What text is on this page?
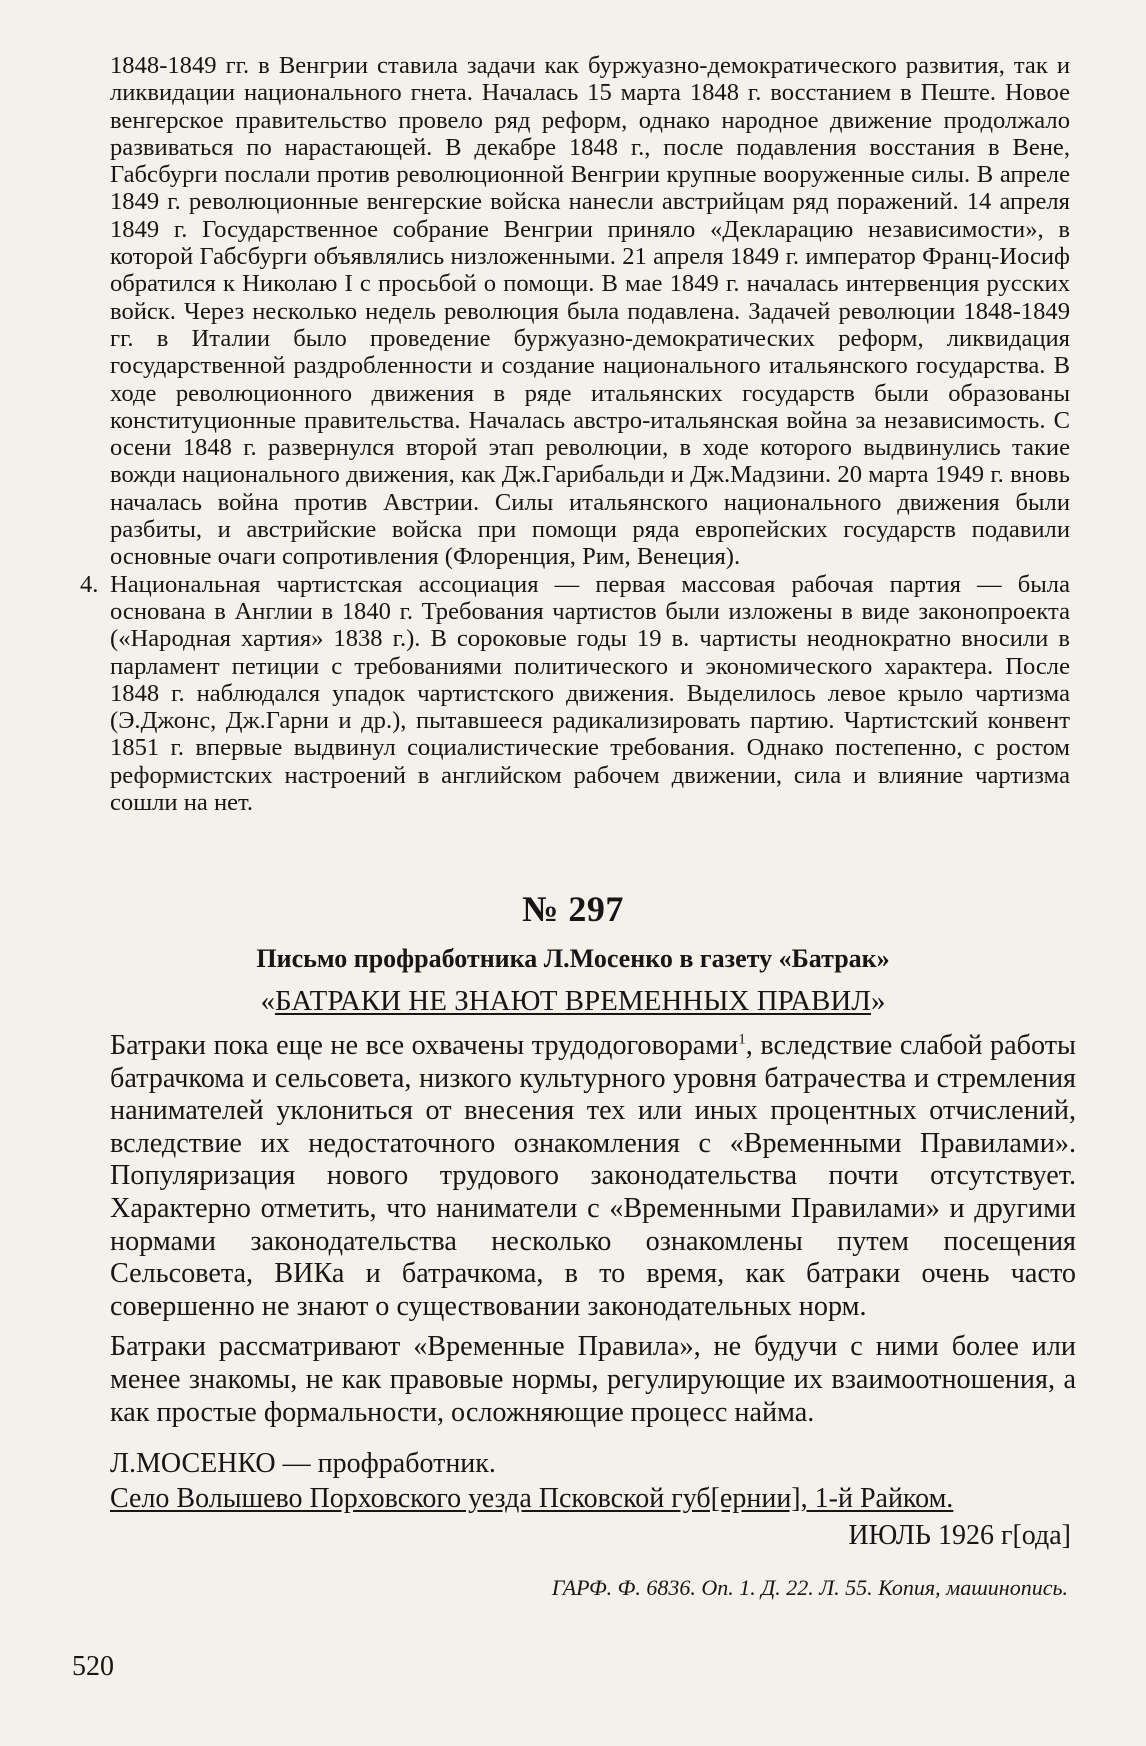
1848-1849 гг. в Венгрии ставила задачи как буржуазно-демократического развития, так и ликвидации национального гнета. Началась 15 марта 1848 г. восстанием в Пеште. Новое венгерское правительство провело ряд реформ, однако народное движение продолжало развиваться по нарастающей. В декабре 1848 г., после подавления восстания в Вене, Габсбурги послали против революционной Венгрии крупные вооруженные силы. В апреле 1849 г. революционные венгерские войска нанесли австрийцам ряд поражений. 14 апреля 1849 г. Государственное собрание Венгрии приняло «Декларацию независимости», в которой Габсбурги объявлялись низложенными. 21 апреля 1849 г. император Франц-Иосиф обратился к Николаю I с просьбой о помощи. В мае 1849 г. началась интервенция русских войск. Через несколько недель революция была подавлена. Задачей революции 1848-1849 гг. в Италии было проведение буржуазно-демократических реформ, ликвидация государственной раздробленности и создание национального итальянского государства. В ходе революционного движения в ряде итальянских государств были образованы конституционные правительства. Началась австро-итальянская война за независимость. С осени 1848 г. развернулся второй этап революции, в ходе которого выдвинулись такие вожди национального движения, как Дж.Гарибальди и Дж.Мадзини. 20 марта 1949 г. вновь началась война против Австрии. Силы итальянского национального движения были разбиты, и австрийские войска при помощи ряда европейских государств подавили основные очаги сопротивления (Флоренция, Рим, Венеция).

4. Национальная чартистская ассоциация — первая массовая рабочая партия — была основана в Англии в 1840 г. Требования чартистов были изложены в виде законопроекта («Народная хартия» 1838 г.). В сороковые годы 19 в. чартисты неоднократно вносили в парламент петиции с требованиями политического и экономического характера. После 1848 г. наблюдался упадок чартистского движения. Выделилось левое крыло чартизма (Э.Джонс, Дж.Гарни и др.), пытавшееся радикализировать партию. Чартистский конвент 1851 г. впервые выдвинул социалистические требования. Однако постепенно, с ростом реформистских настроений в английском рабочем движении, сила и влияние чартизма сошли на нет.

№ 297
Письмо профработника Л.Мосенко в газету «Батрак»
«БАТРАКИ НЕ ЗНАЮТ ВРЕМЕННЫХ ПРАВИЛ»

Батраки пока еще не все охвачены трудодоговорами$^1$, вследствие слабой работы батрачкома и сельсовета, низкого культурного уровня батрачества и стремления нанимателей уклониться от внесения тех или иных процентных отчислений, вследствие их недостаточного ознакомления с «Временными Правилами». Популяризация нового трудового законодательства почти отсутствует. Характерно отметить, что наниматели с «Временными Правилами» и другими нормами законодательства несколько ознакомлены путем посещения Сельсовета, ВИКа и батрачкома, в то время, как батраки очень часто совершенно не знают о существовании законодательных норм.

Батраки рассматривают «Временные Правила», не будучи с ними более или менее знакомы, не как правовые нормы, регулирующие их взаимоотношения, а как простые формальности, осложняющие процесс найма.

Л.МОСЕНКО — профработник.
Село Волышево Порховского уезда Псковской губ[ернии], 1-й Райком.
ИЮЛЬ 1926 г[ода]
ГАРФ. Ф. 6836. Оп. 1. Д. 22. Л. 55. Копия, машинопись.
520
